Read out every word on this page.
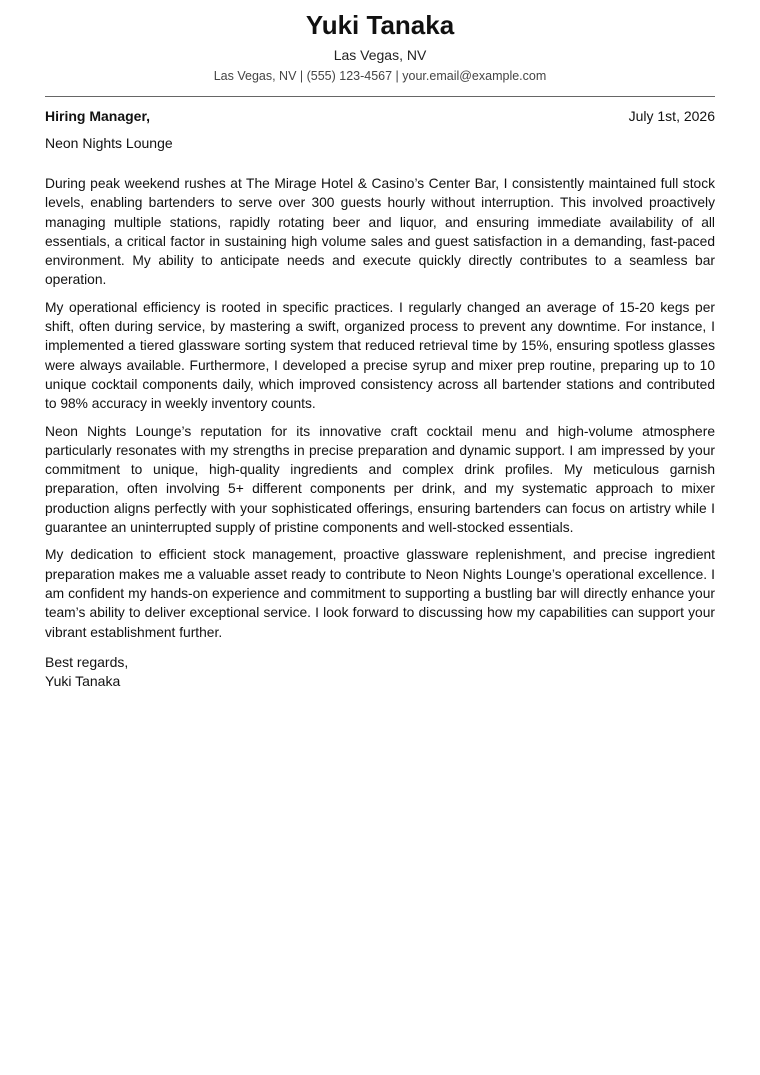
Yuki Tanaka
Las Vegas, NV
Las Vegas, NV | (555) 123-4567 | your.email@example.com
Hiring Manager,	July 1st, 2026
Neon Nights Lounge

During peak weekend rushes at The Mirage Hotel & Casino’s Center Bar, I consistently maintained full stock levels, enabling bartenders to serve over 300 guests hourly without interruption. This involved proactively managing multiple stations, rapidly rotating beer and liquor, and ensuring immediate availability of all essentials, a critical factor in sustaining high volume sales and guest satisfaction in a demanding, fast-paced environment. My ability to anticipate needs and execute quickly directly contributes to a seamless bar operation.

My operational efficiency is rooted in specific practices. I regularly changed an average of 15-20 kegs per shift, often during service, by mastering a swift, organized process to prevent any downtime. For instance, I implemented a tiered glassware sorting system that reduced retrieval time by 15%, ensuring spotless glasses were always available. Furthermore, I developed a precise syrup and mixer prep routine, preparing up to 10 unique cocktail components daily, which improved consistency across all bartender stations and contributed to 98% accuracy in weekly inventory counts.

Neon Nights Lounge’s reputation for its innovative craft cocktail menu and high-volume atmosphere particularly resonates with my strengths in precise preparation and dynamic support. I am impressed by your commitment to unique, high-quality ingredients and complex drink profiles. My meticulous garnish preparation, often involving 5+ different components per drink, and my systematic approach to mixer production aligns perfectly with your sophisticated offerings, ensuring bartenders can focus on artistry while I guarantee an uninterrupted supply of pristine components and well-stocked essentials.

My dedication to efficient stock management, proactive glassware replenishment, and precise ingredient preparation makes me a valuable asset ready to contribute to Neon Nights Lounge’s operational excellence. I am confident my hands-on experience and commitment to supporting a bustling bar will directly enhance your team’s ability to deliver exceptional service. I look forward to discussing how my capabilities can support your vibrant establishment further.

Best regards,
Yuki Tanaka
